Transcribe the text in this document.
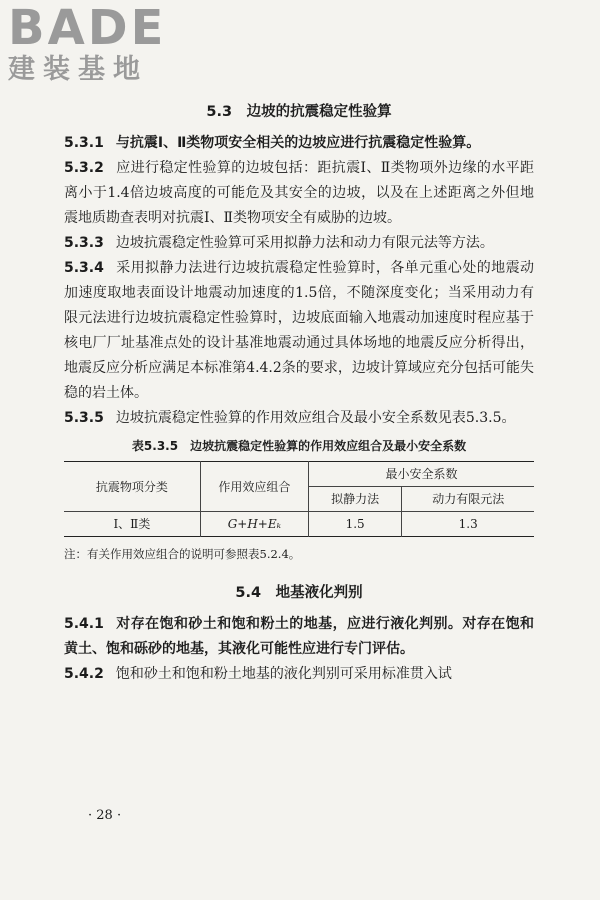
BADE
建装基地
5.3　边坡的抗震稳定性验算

5.3.1 与抗震Ⅰ、Ⅱ类物项安全相关的边坡应进行抗震稳定性验算。

5.3.2 应进行稳定性验算的边坡包括：距抗震Ⅰ、Ⅱ类物项外边缘的水平距离小于1.4倍边坡高度的可能危及其安全的边坡，以及在上述距离之外但地震地质勘查表明对抗震Ⅰ、Ⅱ类物项安全有威胁的边坡。

5.3.3 边坡抗震稳定性验算可采用拟静力法和动力有限元法等方法。

5.3.4 采用拟静力法进行边坡抗震稳定性验算时，各单元重心处的地震动加速度取地表面设计地震动加速度的1.5倍，不随深度变化；当采用动力有限元法进行边坡抗震稳定性验算时，边坡底面输入地震动加速度时程应基于核电厂厂址基准点处的设计基准地震动通过具体场地的地震反应分析得出，地震反应分析应满足本标准第4.4.2条的要求，边坡计算域应充分包括可能失稳的岩土体。

5.3.5 边坡抗震稳定性验算的作用效应组合及最小安全系数见表5.3.5。

表5.3.5　边坡抗震稳定性验算的作用效应组合及最小安全系数
抗震物项分类	作用效应组合	最小安全系数	
		拟静力法	动力有限元法
Ⅰ、Ⅱ类	G+H+Eₖ	1.5	1.3
注：有关作用效应组合的说明可参照表5.2.4。
5.4　地基液化判别

5.4.1 对存在饱和砂土和饱和粉土的地基，应进行液化判别。对存在饱和黄土、饱和砾砂的地基，其液化可能性应进行专门评估。

5.4.2 饱和砂土和饱和粉土地基的液化判别可采用标准贯入试

· 28 ·
